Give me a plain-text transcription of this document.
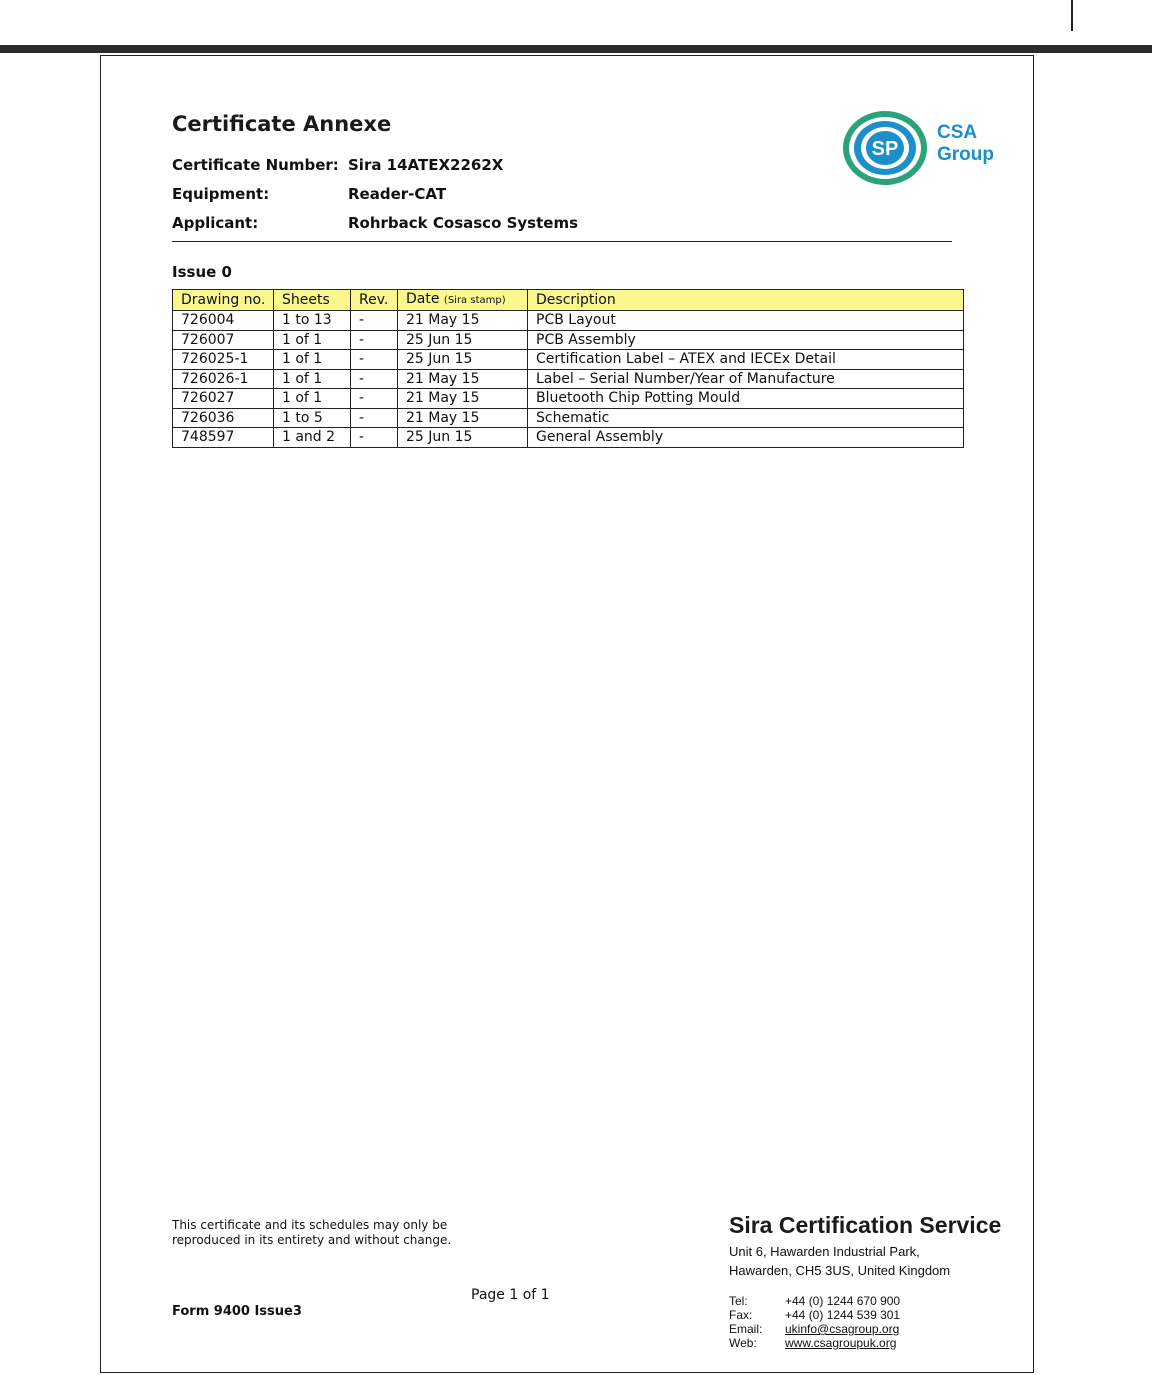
Certificate Annexe
Certificate Number: Sira 14ATEX2262X
Equipment:	Reader-CAT
Applicant:	Rohrback Cosasco Systems
SP
CSA
Group
Issue 0
Drawing no.	Sheets	Rev.	Date (Sira stamp)	Description
726004	1 to 13	-	21 May 15	PCB Layout
726007	1 of 1	-	25 Jun 15	PCB Assembly
726025-1	1 of 1	-	25 Jun 15	Certification Label – ATEX and IECEx Detail
726026-1	1 of 1	-	21 May 15	Label – Serial Number/Year of Manufacture
726027	1 of 1	-	21 May 15	Bluetooth Chip Potting Mould
726036	1 to 5	-	21 May 15	Schematic
748597	1 and 2	-	25 Jun 15	General Assembly
This certificate and its schedules may only be
reproduced in its entirety and without change.
Form 9400 Issue3
Page 1 of 1
Sira Certification Service
Unit 6, Hawarden Industrial Park,
Hawarden, CH5 3US, United Kingdom
Tel:	+44 (0) 1244 670 900
Fax:	+44 (0) 1244 539 301
Email: ukinfo@csagroup.org
Web: www.csagroupuk.org
